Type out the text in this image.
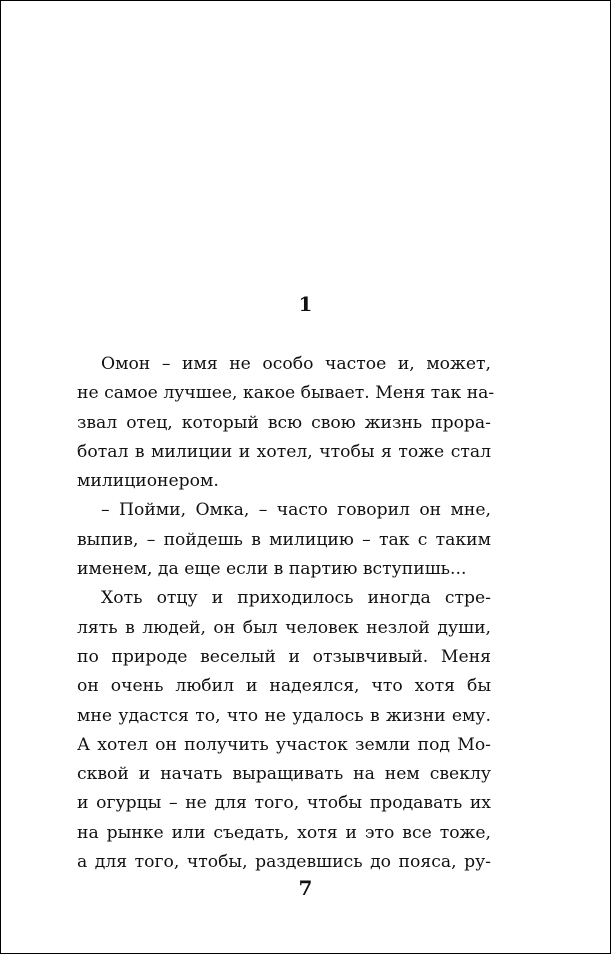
1
Омон – имя не особо частое и, может,
не самое лучшее, какое бывает. Меня так на-
звал отец, который всю свою жизнь прора-
ботал в милиции и хотел, чтобы я тоже стал
милиционером.
– Пойми, Омка, – часто говорил он мне,
выпив, – пойдешь в милицию – так с таким
именем, да еще если в партию вступишь...
Хоть отцу и приходилось иногда стре-
лять в людей, он был человек незлой души,
по природе веселый и отзывчивый. Меня
он очень любил и надеялся, что хотя бы
мне удастся то, что не удалось в жизни ему.
А хотел он получить участок земли под Мо-
сквой и начать выращивать на нем свеклу
и огурцы – не для того, чтобы продавать их
на рынке или съедать, хотя и это все тоже,
а для того, чтобы, раздевшись до пояса, ру-
7
